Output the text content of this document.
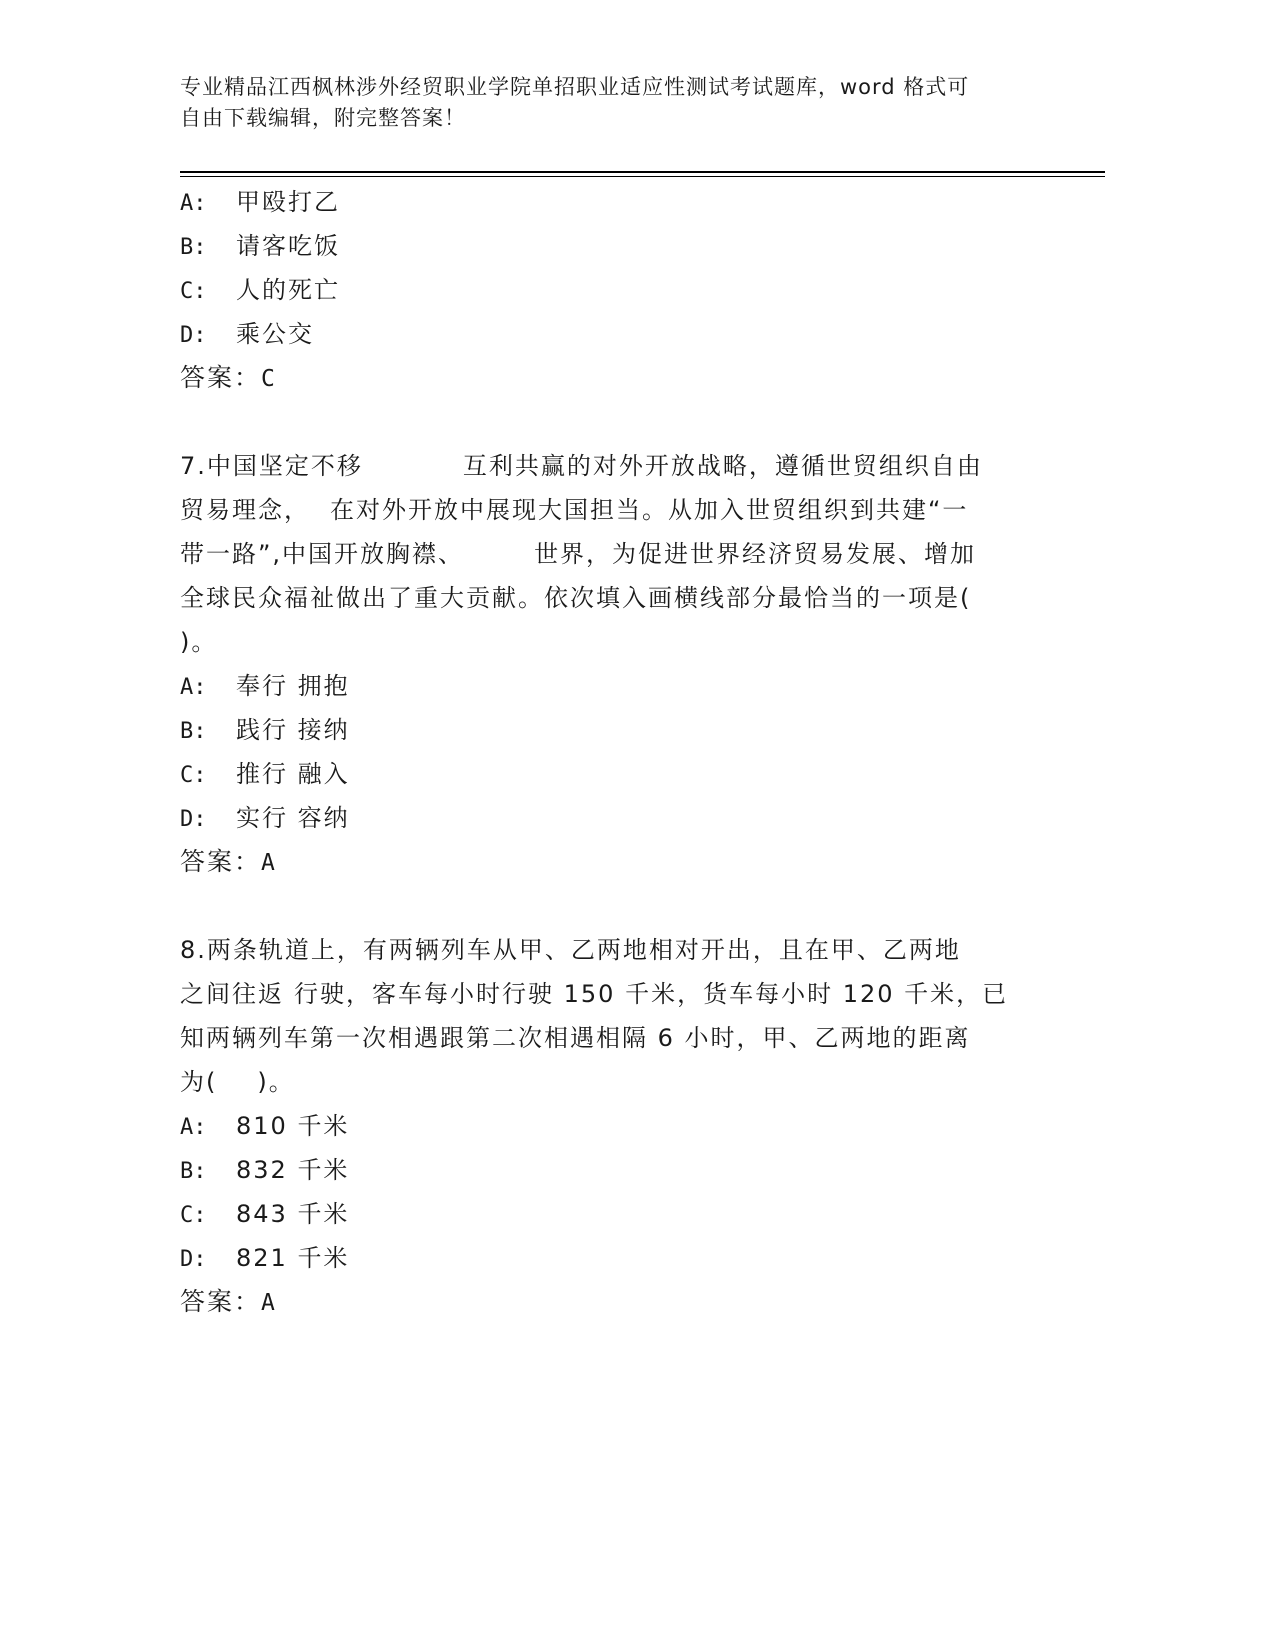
专业精品江西枫林涉外经贸职业学院单招职业适应性测试考试题库，word 格式可
自由下载编辑，附完整答案！
A: 甲殴打乙
B: 请客吃饭
C: 人的死亡
D: 乘公交
答案：C
7.中国坚定不移	互利共赢的对外开放战略，遵循世贸组织自由
贸易理念， 在对外开放中展现大国担当。从加入世贸组织到共建“一
带一路”,中国开放胸襟、	世界，为促进世界经济贸易发展、增加
全球民众福祉做出了重大贡献。依次填入画横线部分最恰当的一项是(
)。
A: 奉行 拥抱
B: 践行 接纳
C: 推行 融入
D: 实行 容纳
答案：A
8.两条轨道上，有两辆列车从甲、乙两地相对开出，且在甲、乙两地
之间往返 行驶，客车每小时行驶 150 千米，货车每小时 120 千米，已
知两辆列车第一次相遇跟第二次相遇相隔 6 小时，甲、乙两地的距离
为( )。
A: 810 千米
B: 832 千米
C: 843 千米
D: 821 千米
答案：A
